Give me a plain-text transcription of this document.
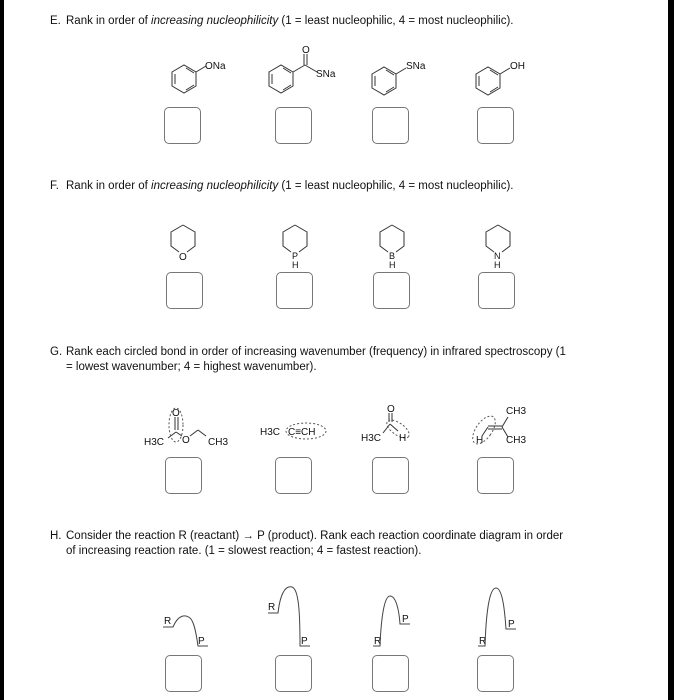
E. Rank in order of increasing nucleophilicity (1 = least nucleophilic, 4 = most nucleophilic).
ONa
O
SNa
SNa	OH
F. Rank in order of increasing nucleophilicity (1 = least nucleophilic, 4 = most nucleophilic).
O	P
H
B
H
N
H
G. Rank each circled bond in order of increasing wavenumber (frequency) in infrared spectroscopy (1
= lowest wavenumber; 4 = highest wavenumber).
O
H3C O CH3
H3C C≡CH
O
H3C H
CH3
H CH3
H. Consider the reaction R (reactant) → P (product). Rank each reaction coordinate diagram in order
of increasing reaction rate. (1 = slowest reaction; 4 = fastest reaction).
R
P
R
P	R
P
R
P
